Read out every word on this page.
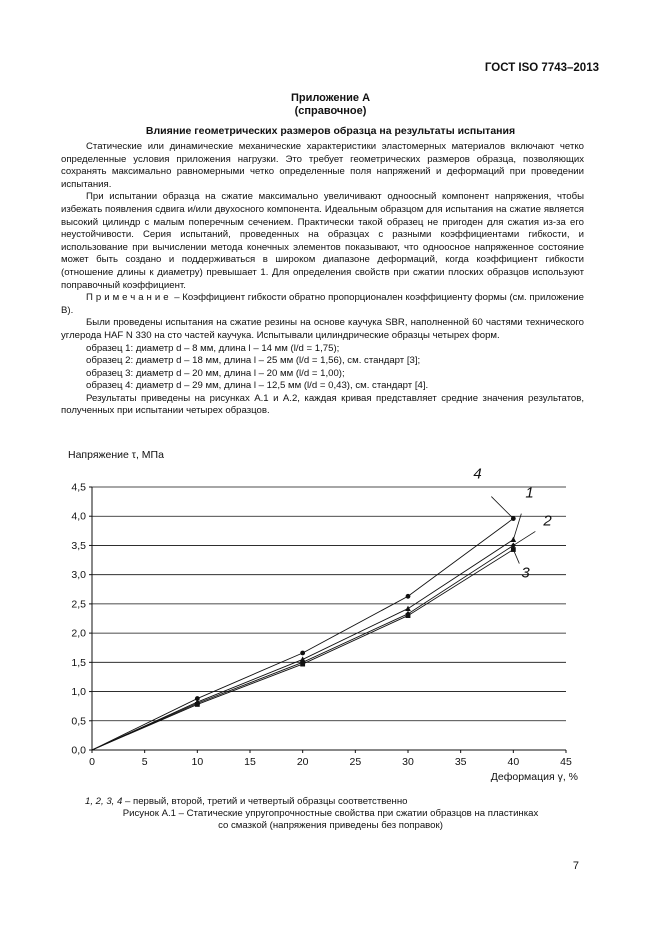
ГОСТ ISO 7743–2013
Приложение А
(справочное)
Влияние геометрических размеров образца на результаты испытания

Статические или динамические механические характеристики эластомерных материалов включают четко определенные условия приложения нагрузки. Это требует геометрических размеров образца, позволяющих сохранять максимально равномерными четко определенные поля напряжений и деформаций при проведении испытания.

При испытании образца на сжатие максимально увеличивают одноосный компонент напряжения, чтобы избежать появления сдвига и/или двухосного компонента. Идеальным образцом для испытания на сжатие является высокий цилиндр с малым поперечным сечением. Практически такой образец не пригоден для сжатия из-за его неустойчивости. Серия испытаний, проведенных на образцах с разными коэффициентами гибкости, и использование при вычислении метода конечных элементов показывают, что одноосное напряженное состояние может быть создано и поддерживаться в широком диапазоне деформаций, когда коэффициент гибкости (отношение длины к диаметру) превышает 1. Для определения свойств при сжатии плоских образцов используют поправочный коэффициент.

Примечание – Коэффициент гибкости обратно пропорционален коэффициенту формы (см. приложение В).

Были проведены испытания на сжатие резины на основе каучука SBR, наполненной 60 частями технического углерода HAF N 330 на сто частей каучука. Испытывали цилиндрические образцы четырех форм.

образец 1: диаметр d – 8 мм, длина l – 14 мм (l/d = 1,75);

образец 2: диаметр d – 18 мм, длина l – 25 мм (l/d = 1,56), см. стандарт [3];

образец 3: диаметр d – 20 мм, длина l – 20 мм (l/d = 1,00);

образец 4: диаметр d – 29 мм, длина l – 12,5 мм (l/d = 0,43), см. стандарт [4].

Результаты приведены на рисунках А.1 и А.2, каждая кривая представляет средние значения результатов, полученных при испытании четырех образцов.

0,0
0,5
1,0
1,5
2,0
2,5
3,0
3,5
4,0
4,5
0	5	10	15	20	25	30	35	40	45
1
2
3
4
Напряжение τ, МПа
Деформация γ, %
1, 2, 3, 4 – первый, второй, третий и четвертый образцы соответственно
Рисунок А.1 – Статические упругопрочностные свойства при сжатии образцов на пластинках
со смазкой (напряжения приведены без поправок)
7
